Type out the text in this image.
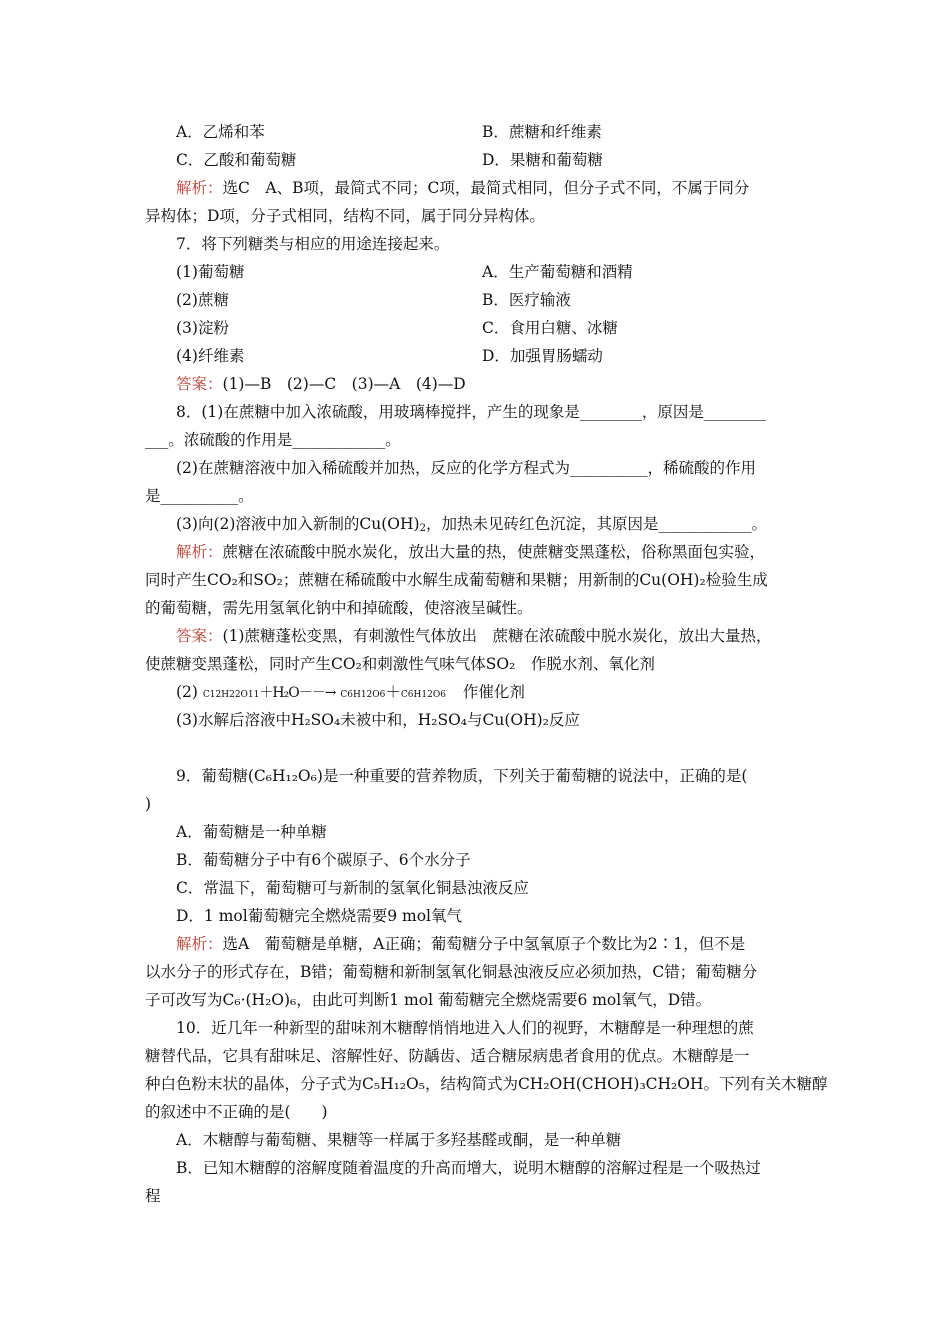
A．乙烯和苯	B．蔗糖和纤维素
C．乙酸和葡萄糖	D．果糖和葡萄糖
解析：选C　A、B项，最简式不同；C项，最简式相同，但分子式不同，不属于同分
异构体；D项，分子式相同，结构不同，属于同分异构体。
7．将下列糖类与相应的用途连接起来。
(1)葡萄糖	A．生产葡萄糖和酒精
(2)蔗糖	B．医疗输液
(3)淀粉	C．食用白糖、冰糖
(4)纤维素	D．加强胃肠蠕动
答案：(1)—B　(2)—C　(3)—A　(4)—D
8．(1)在蔗糖中加入浓硫酸，用玻璃棒搅拌，产生的现象是________，原因是________
___。浓硫酸的作用是____________。
(2)在蔗糖溶液中加入稀硫酸并加热，反应的化学方程式为__________，稀硫酸的作用
是__________。
(3)向(2)溶液中加入新制的$Cu(OH)_2$，加热未见砖红色沉淀，其原因是____________。
解析：蔗糖在浓硫酸中脱水炭化，放出大量的热，使蔗糖变黑蓬松，俗称黑面包实验，
同时产生CO₂和SO₂；蔗糖在稀硫酸中水解生成葡萄糖和果糖；用新制的Cu(OH)₂检验生成
的葡萄糖，需先用氢氧化钠中和掉硫酸，使溶液呈碱性。
答案：(1)蔗糖蓬松变黑，有刺激性气体放出　蔗糖在浓硫酸中脱水炭化，放出大量热，
使蔗糖变黑蓬松，同时产生CO₂和刺激性气味气体SO₂　作脱水剂、氧化剂
(2) C12H22O11＋H₂O－－→ C6H12O6＋C6H12O6 作催化剂
(3)水解后溶液中H₂SO₄未被中和，H₂SO₄与Cu(OH)₂反应
9．葡萄糖(C₆H₁₂O₆)是一种重要的营养物质，下列关于葡萄糖的说法中，正确的是(
)
A．葡萄糖是一种单糖
B．葡萄糖分子中有6个碳原子、6个水分子
C．常温下，葡萄糖可与新制的氢氧化铜悬浊液反应
D．1 mol葡萄糖完全燃烧需要9 mol氧气
解析：选A　葡萄糖是单糖，A正确；葡萄糖分子中氢氧原子个数比为2∶1，但不是
以水分子的形式存在，B错；葡萄糖和新制氢氧化铜悬浊液反应必须加热，C错；葡萄糖分
子可改写为C₆·(H₂O)₆，由此可判断1 mol 葡萄糖完全燃烧需要6 mol氧气，D错。
10．近几年一种新型的甜味剂木糖醇悄悄地进入人们的视野，木糖醇是一种理想的蔗
糖替代品，它具有甜味足、溶解性好、防龋齿、适合糖尿病患者食用的优点。木糖醇是一
种白色粉末状的晶体，分子式为C₅H₁₂O₅，结构简式为CH₂OH(CHOH)₃CH₂OH。下列有关木糖醇
的叙述中不正确的是(　　)
A．木糖醇与葡萄糖、果糖等一样属于多羟基醛或酮，是一种单糖
B．已知木糖醇的溶解度随着温度的升高而增大，说明木糖醇的溶解过程是一个吸热过
程
